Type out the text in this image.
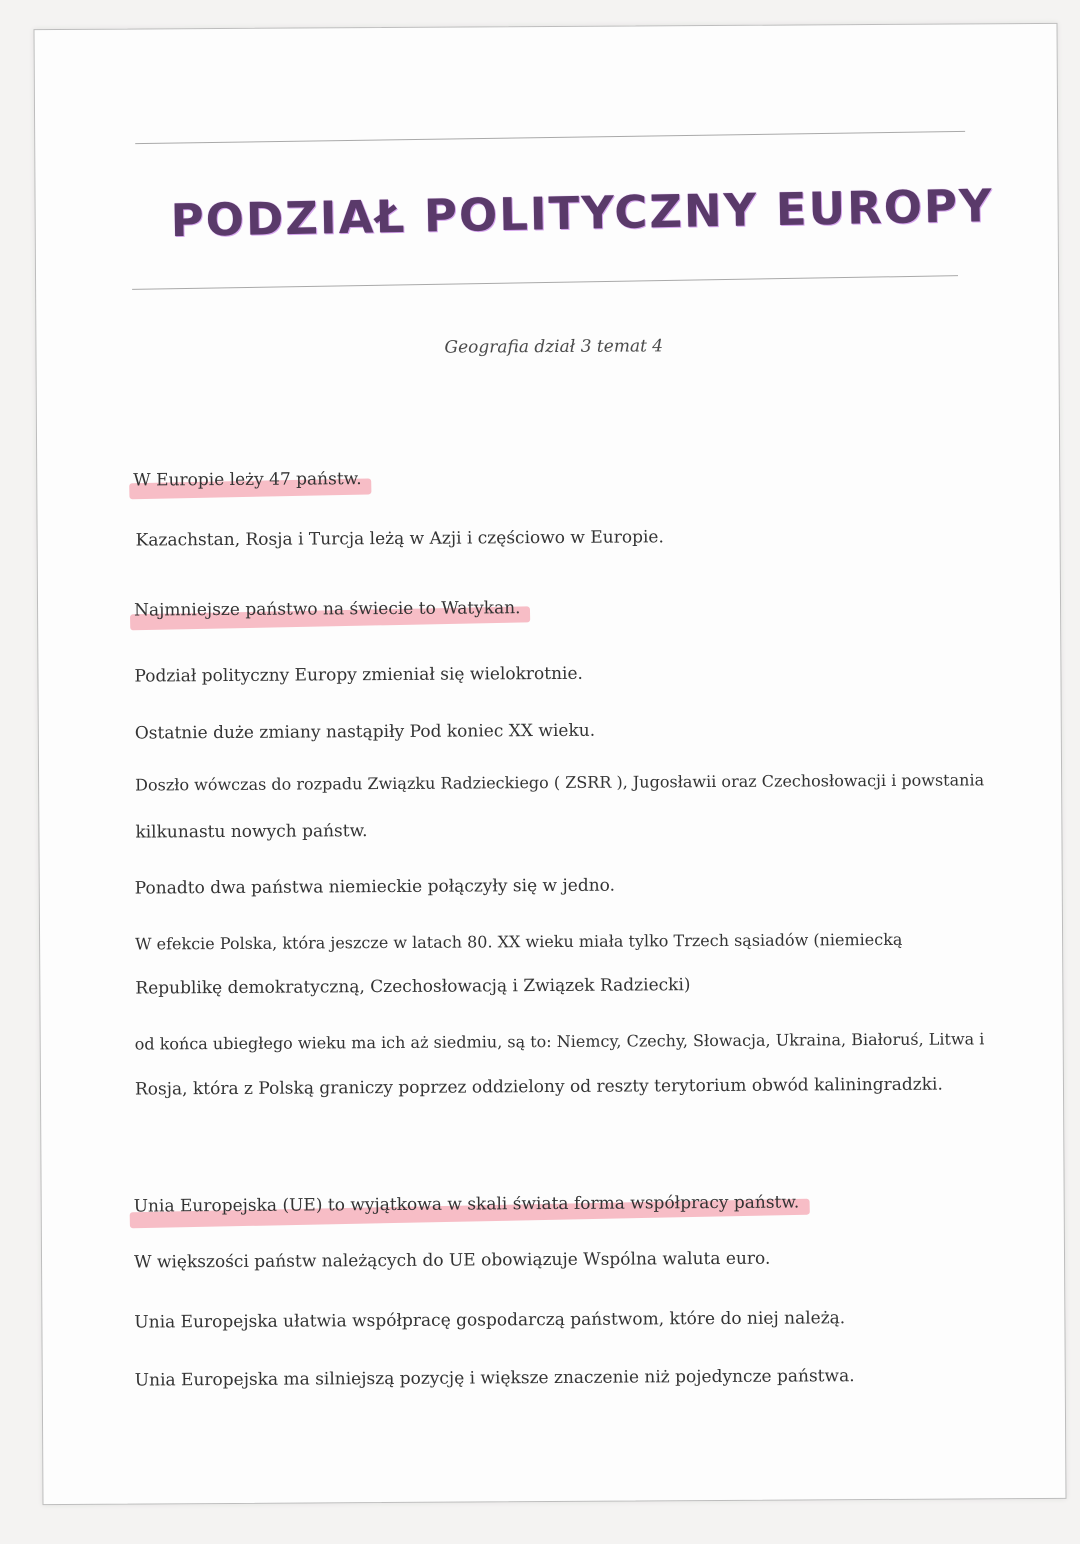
PODZIAŁ POLITYCZNY EUROPY
Geografia dział 3 temat 4
W Europie leży 47 państw.
Kazachstan, Rosja i Turcja leżą w Azji i częściowo w Europie.
Najmniejsze państwo na świecie to Watykan.
Podział polityczny Europy zmieniał się wielokrotnie.
Ostatnie duże zmiany nastąpiły Pod koniec XX wieku.
Doszło wówczas do rozpadu Związku Radzieckiego ( ZSRR ), Jugosławii oraz Czechosłowacji i powstania
kilkunastu nowych państw.
Ponadto dwa państwa niemieckie połączyły się w jedno.
W efekcie Polska, która jeszcze w latach 80. XX wieku miała tylko Trzech sąsiadów (niemiecką
Republikę demokratyczną, Czechosłowacją i Związek Radziecki)
od końca ubiegłego wieku ma ich aż siedmiu, są to: Niemcy, Czechy, Słowacja, Ukraina, Białoruś, Litwa i
Rosja, która z Polską graniczy poprzez oddzielony od reszty terytorium obwód kaliningradzki.
Unia Europejska (UE) to wyjątkowa w skali świata forma współpracy państw.
W większości państw należących do UE obowiązuje Wspólna waluta euro.
Unia Europejska ułatwia współpracę gospodarczą państwom, które do niej należą.
Unia Europejska ma silniejszą pozycję i większe znaczenie niż pojedyncze państwa.
